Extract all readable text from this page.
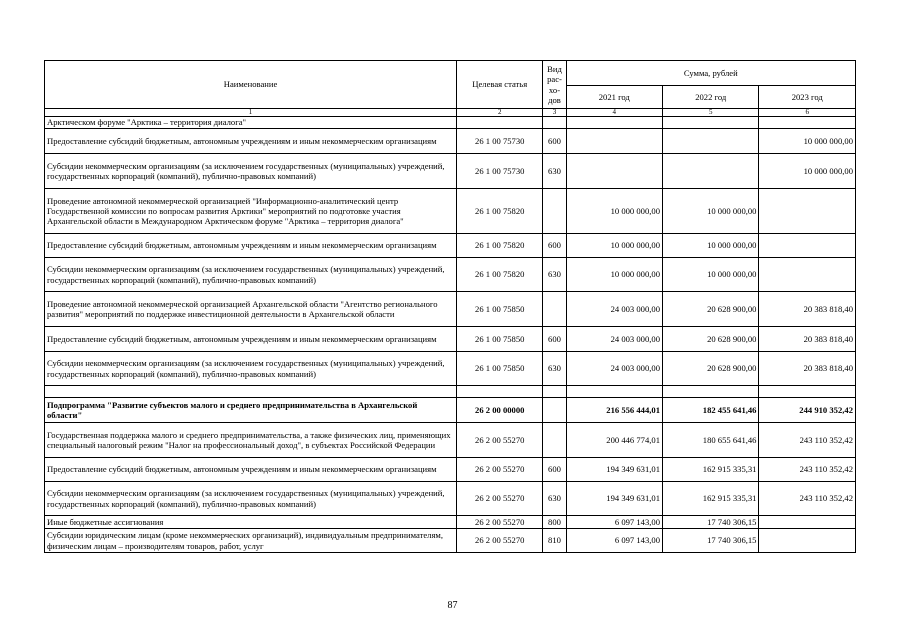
Наименование	Целевая статья	Вид рас-хо-дов	Сумма, рублей		
			2021 год	2022 год	2023 год
1	2	3	4	5	6
Арктическом форуме "Арктика – территория диалога"					
Предоставление субсидий бюджетным, автономным учреждениям и иным некоммерческим организациям	26 1 00 75730	600			10 000 000,00
Субсидии некоммерческим организациям (за исключением государственных (муниципальных) учреждений, государственных корпораций (компаний), публично-правовых компаний)	26 1 00 75730	630			10 000 000,00
Проведение автономной некоммерческой организацией "Информационно-аналитический центр Государственной комиссии по вопросам развития Арктики" мероприятий по подготовке участия Архангельской области в Международном Арктическом форуме "Арктика – территория диалога"	26 1 00 75820		10 000 000,00	10 000 000,00	
Предоставление субсидий бюджетным, автономным учреждениям и иным некоммерческим организациям	26 1 00 75820	600	10 000 000,00	10 000 000,00	
Субсидии некоммерческим организациям (за исключением государственных (муниципальных) учреждений, государственных корпораций (компаний), публично-правовых компаний)	26 1 00 75820	630	10 000 000,00	10 000 000,00	
Проведение автономной некоммерческой организацией Архангельской области "Агентство регионального развития" мероприятий по поддержке инвестиционной деятельности в Архангельской области	26 1 00 75850		24 003 000,00	20 628 900,00	20 383 818,40
Предоставление субсидий бюджетным, автономным учреждениям и иным некоммерческим организациям	26 1 00 75850	600	24 003 000,00	20 628 900,00	20 383 818,40
Субсидии некоммерческим организациям (за исключением государственных (муниципальных) учреждений, государственных корпораций (компаний), публично-правовых компаний)	26 1 00 75850	630	24 003 000,00	20 628 900,00	20 383 818,40

Подпрограмма "Развитие субъектов малого и среднего предпринимательства в Архангельской области"	26 2 00 00000		216 556 444,01	182 455 641,46	244 910 352,42
Государственная поддержка малого и среднего предпринимательства, а также физических лиц, применяющих специальный налоговый режим "Налог на профессиональный доход", в субъектах Российской Федерации	26 2 00 55270		200 446 774,01	180 655 641,46	243 110 352,42
Предоставление субсидий бюджетным, автономным учреждениям и иным некоммерческим организациям	26 2 00 55270	600	194 349 631,01	162 915 335,31	243 110 352,42
Субсидии некоммерческим организациям (за исключением государственных (муниципальных) учреждений, государственных корпораций (компаний), публично-правовых компаний)	26 2 00 55270	630	194 349 631,01	162 915 335,31	243 110 352,42
Иные бюджетные ассигнования	26 2 00 55270	800	6 097 143,00	17 740 306,15	
Субсидии юридическим лицам (кроме некоммерческих организаций), индивидуальным предпринимателям, физическим лицам – производителям товаров, работ, услуг	26 2 00 55270	810	6 097 143,00	17 740 306,15	
87
